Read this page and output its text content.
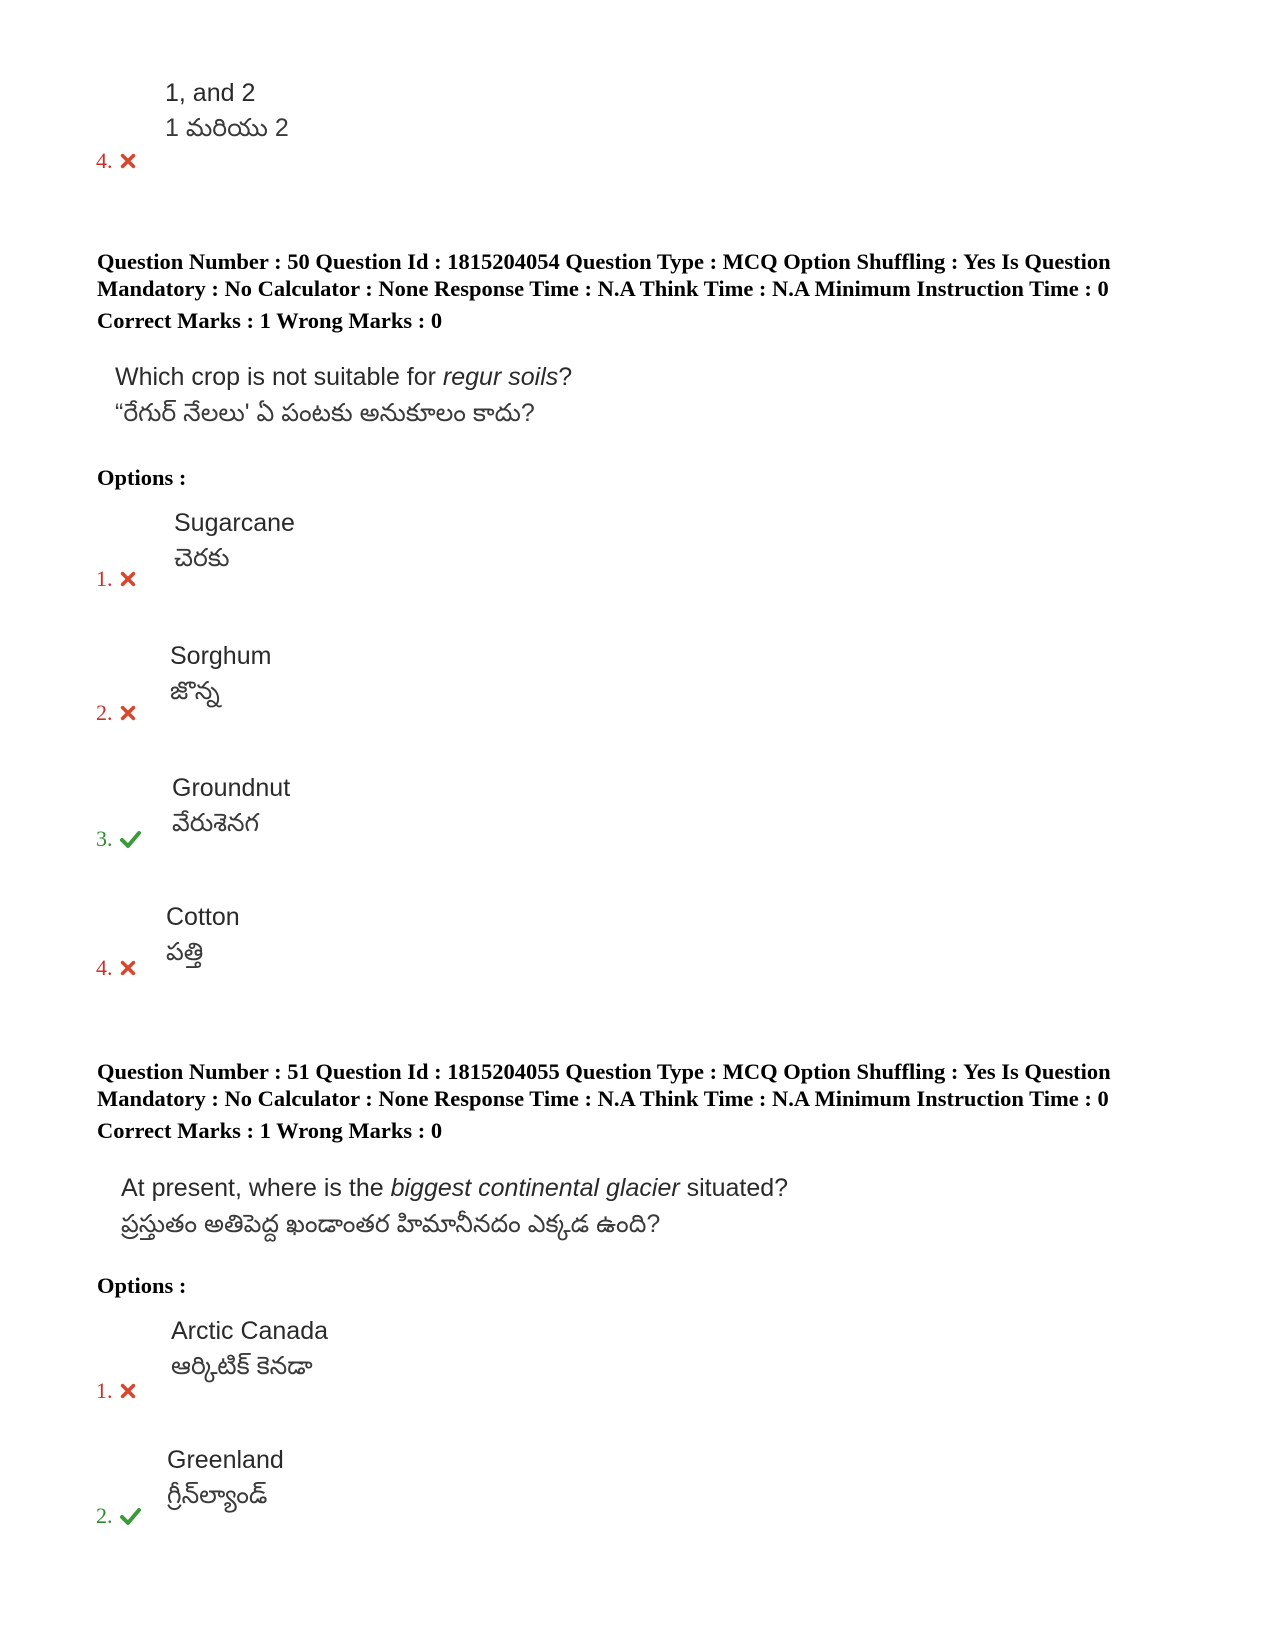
1, and 2
1 మరియు 2
4.
Question Number : 50 Question Id : 1815204054 Question Type : MCQ Option Shuffling : Yes Is Question
Mandatory : No Calculator : None Response Time : N.A Think Time : N.A Minimum Instruction Time : 0
Correct Marks : 1 Wrong Marks : 0
Which crop is not suitable for regur soils?
“రేగుర్ నేలలు' ఏ పంటకు అనుకూలం కాదు?
Options :
Sugarcane
చెరకు
1.
Sorghum
జొన్న
2.
Groundnut
వేరుశెనగ
3.
Cotton
పత్తి
4.
Question Number : 51 Question Id : 1815204055 Question Type : MCQ Option Shuffling : Yes Is Question
Mandatory : No Calculator : None Response Time : N.A Think Time : N.A Minimum Instruction Time : 0
Correct Marks : 1 Wrong Marks : 0
At present, where is the biggest continental glacier situated?
ప్రస్తుతం అతిపెద్ద ఖండాంతర హిమానీనదం ఎక్కడ ఉంది?
Options :
Arctic Canada
ఆర్కిటిక్ కెనడా
1.
Greenland
గ్రీన్‌ల్యాండ్
2.
